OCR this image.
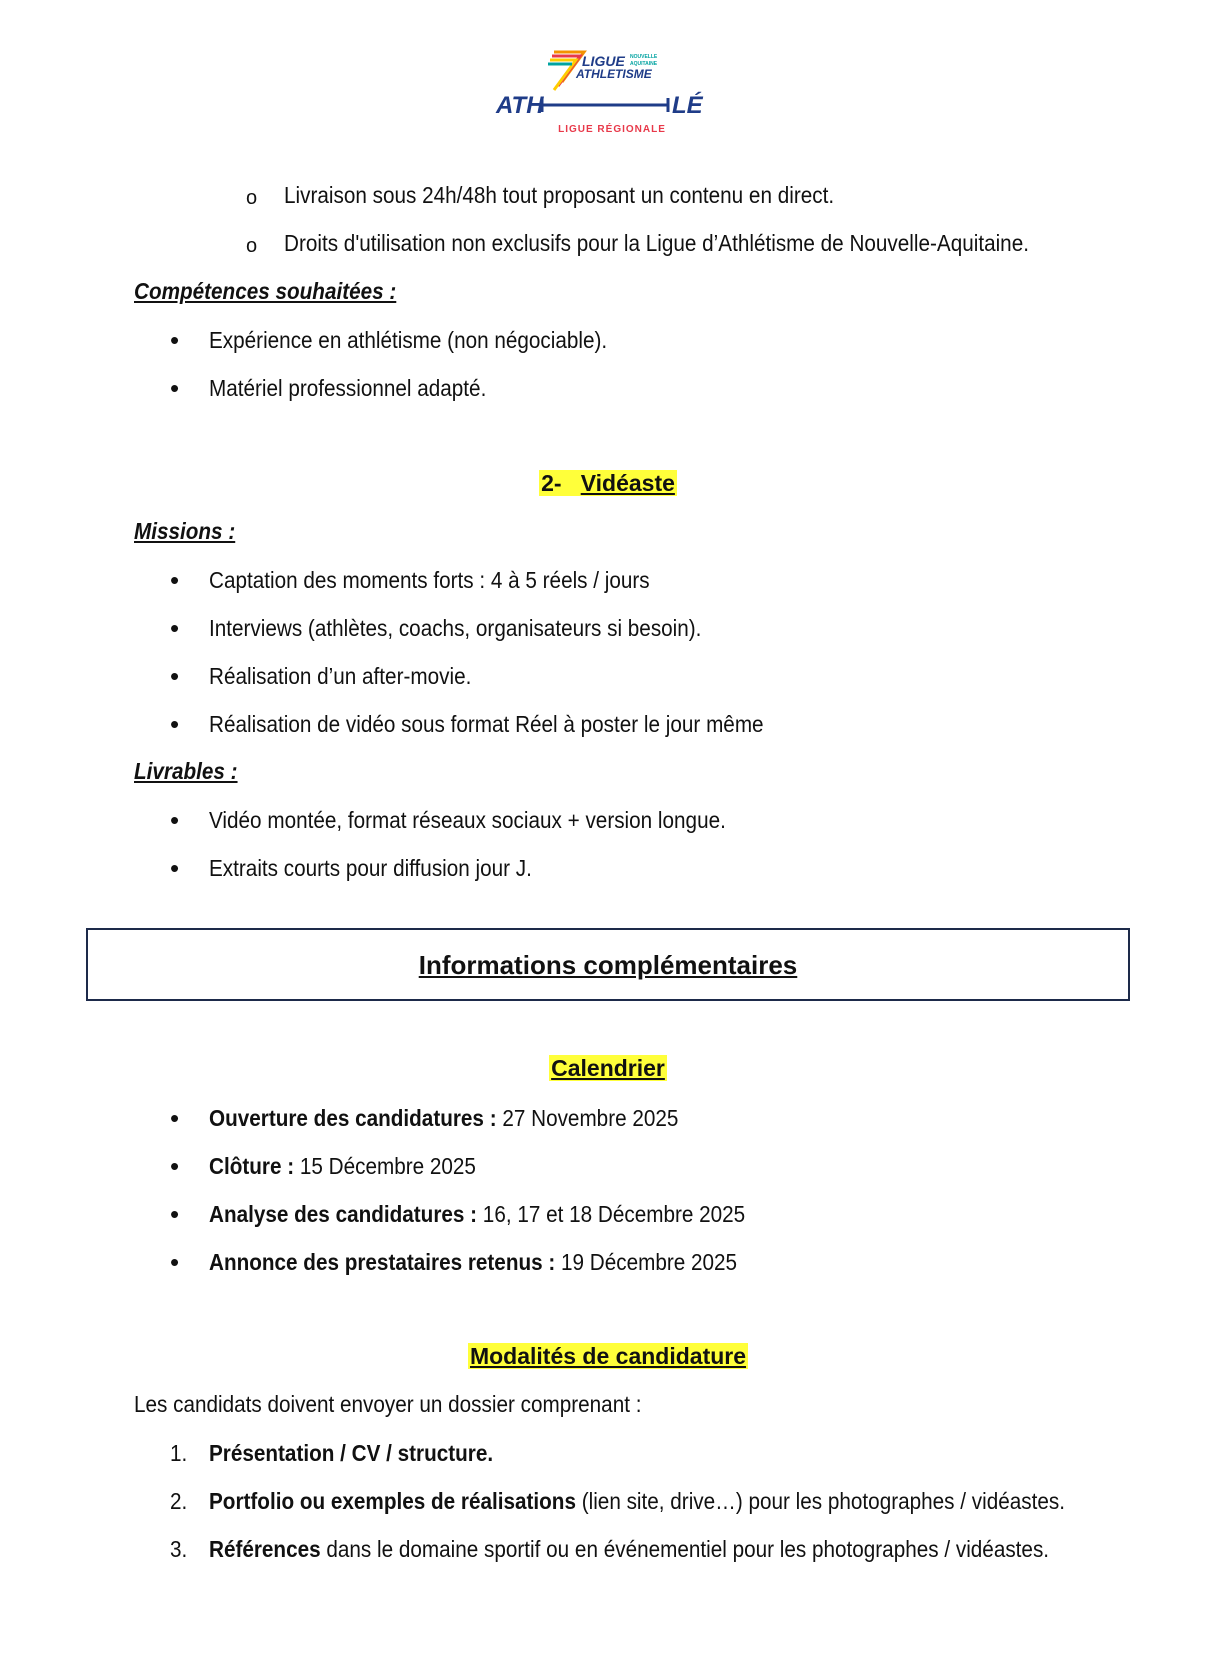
LIGUE NOUVELLE
AQUITAINE
ATHLETISME
ATH	LÉ
LIGUE RÉGIONALE
o Livraison sous 24h/48h tout proposant un contenu en direct.
o Droits d'utilisation non exclusifs pour la Ligue d’Athlétisme de Nouvelle-Aquitaine.
Compétences souhaitées :
• Expérience en athlétisme (non négociable).
• Matériel professionnel adapté.
2- Vidéaste
Missions :
• Captation des moments forts : 4 à 5 réels / jours
• Interviews (athlètes, coachs, organisateurs si besoin).
• Réalisation d’un after-movie.
• Réalisation de vidéo sous format Réel à poster le jour même
Livrables :
• Vidéo montée, format réseaux sociaux + version longue.
• Extraits courts pour diffusion jour J.
Informations complémentaires
Calendrier
• Ouverture des candidatures : 27 Novembre 2025
• Clôture : 15 Décembre 2025
• Analyse des candidatures : 16, 17 et 18 Décembre 2025
• Annonce des prestataires retenus : 19 Décembre 2025
Modalités de candidature
Les candidats doivent envoyer un dossier comprenant :
1. Présentation / CV / structure.
2. Portfolio ou exemples de réalisations (lien site, drive…) pour les photographes / vidéastes.
3. Références dans le domaine sportif ou en événementiel pour les photographes / vidéastes.
